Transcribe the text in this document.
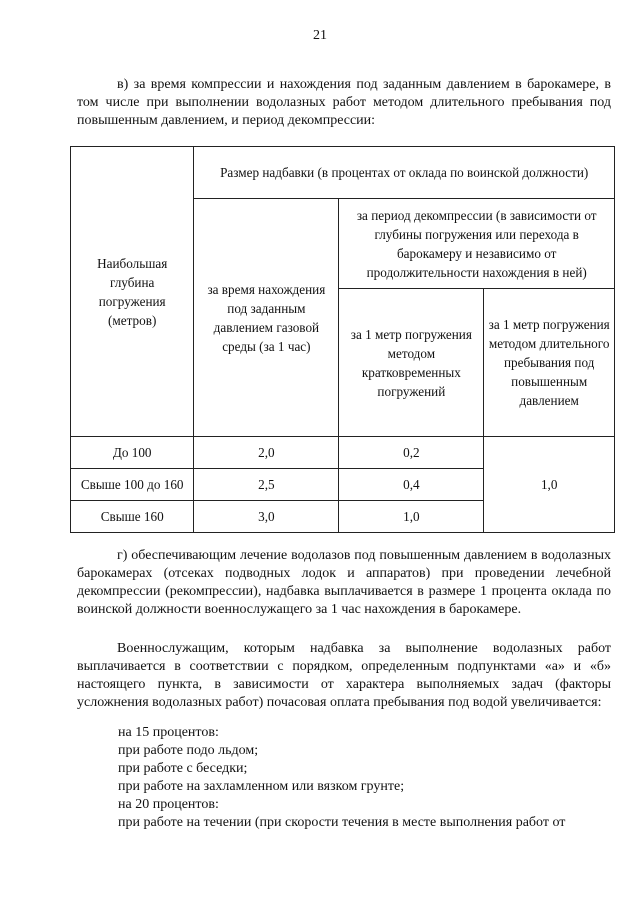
21

в) за время компрессии и нахождения под заданным давлением в барокамере, в том числе при выполнении водолазных работ методом длительного пребывания под повышенным давлением, и период декомпрессии:

Наибольшая глубина погружения (метров)	Размер надбавки (в процентах от оклада по воинской должности)		
	за время нахождения под заданным давлением газовой среды (за 1 час)	за период декомпрессии (в зависимости от глубины погружения или перехода в барокамеру и независимо от продолжительности нахождения в ней)	
		за 1 метр погружения методом кратковременных погружений	за 1 метр погружения методом длительного пребывания под повышенным давлением
До 100	2,0	0,2	1,0
Свыше 100 до 160	2,5	0,4	
Свыше 160	3,0	1,0	

г) обеспечивающим лечение водолазов под повышенным давлением в водолазных барокамерах (отсеках подводных лодок и аппаратов) при проведении лечебной декомпрессии (рекомпрессии), надбавка выплачивается в размере 1 процента оклада по воинской должности военнослужащего за 1 час нахождения в барокамере.

Военнослужащим, которым надбавка за выполнение водолазных работ выплачивается в соответствии с порядком, определенным подпунктами «а» и «б» настоящего пункта, в зависимости от характера выполняемых задач (факторы усложнения водолазных работ) почасовая оплата пребывания под водой увеличивается:

на 15 процентов:
при работе подо льдом;
при работе с беседки;
при работе на захламленном или вязком грунте;
на 20 процентов:
при работе на течении (при скорости течения в месте выполнения работ от
